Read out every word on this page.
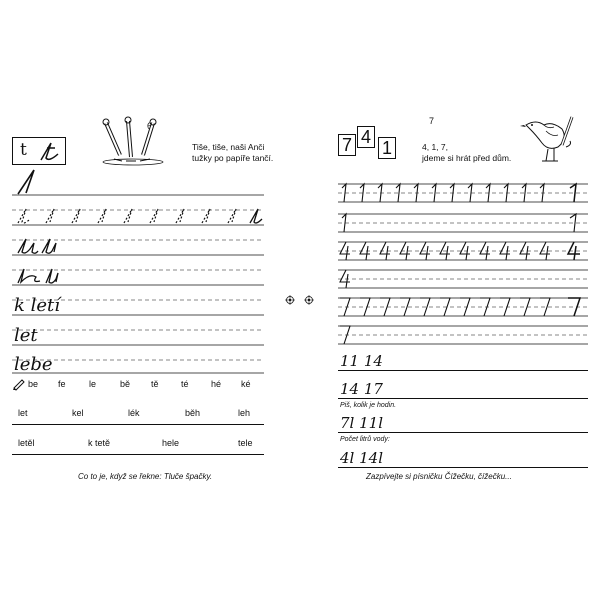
6
t	Tiše, tiše, naši Anči
tužky po papíře tančí.
k letí
let
lebe
be fe	le	bě tě té hé ké
let	kel	lék	běh	leh
letěl	k tetě	hele	tele
Co to je, když se řekne: Tluče špačky.
7
7 4
1	4, 1, 7,
jdeme si hrát před dům.
11 14
14 17
Piš, kolik je hodin.
7l 11l
Počet litrů vody:
4l 14l
Zazpívejte si písničku Čížečku, čížečku...
